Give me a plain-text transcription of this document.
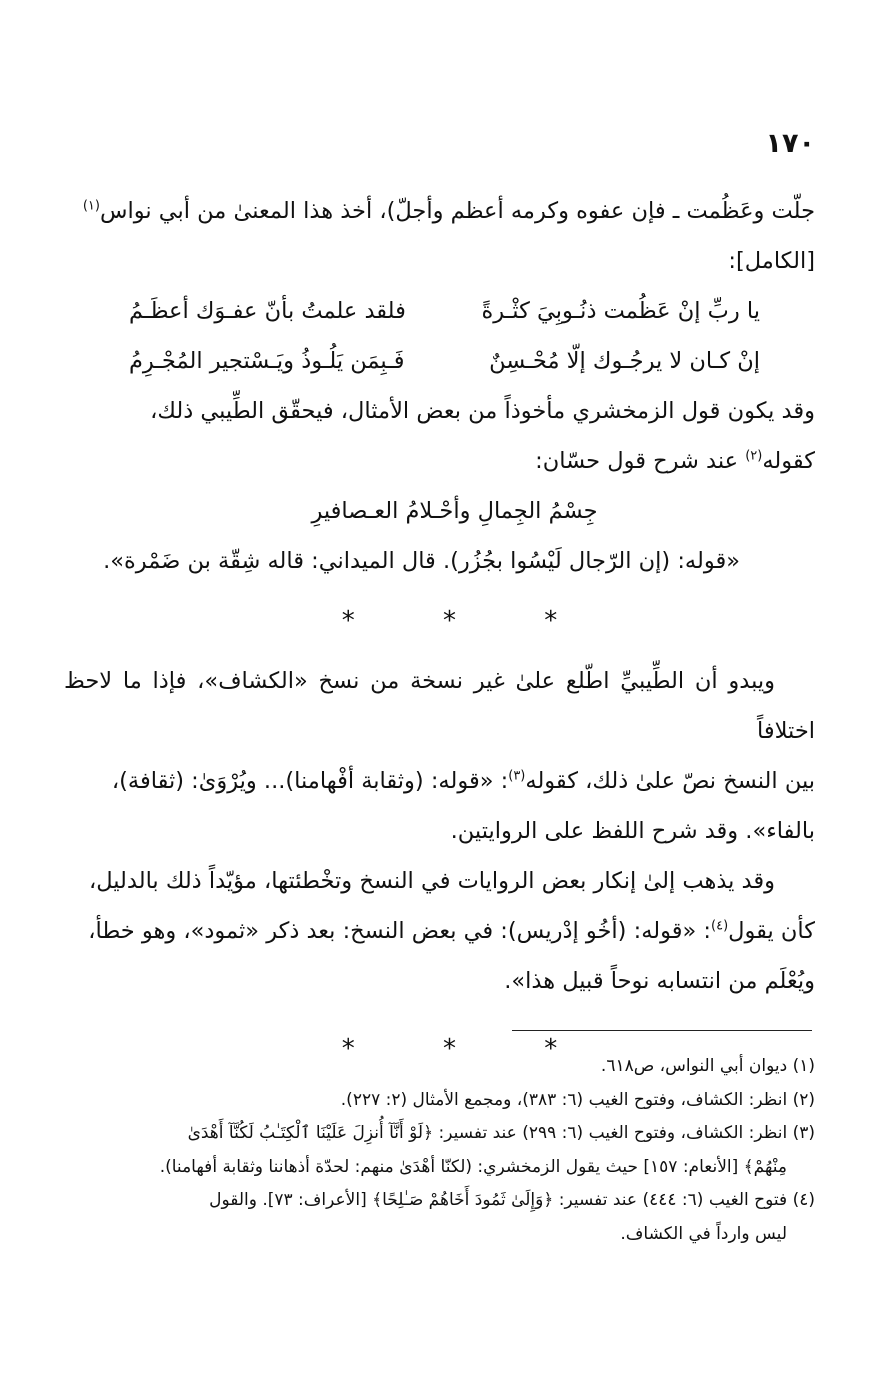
١٧٠

جلّت وعَظُمت ـ فإن عفوه وكرمه أعظم وأجلّ)، أخذ هذا المعنىٰ من أبي نواس$^{(١)}$

[الكامل]:

يا ربِّ إنْ عَظُمت ذنُـوبِيَ كثْـرةً
فلقد علمتُ بأنّ عفـوَك أعظَـمُ
إنْ كـان لا يرجُـوك إلّا مُحْـسِنٌ
فَـبِمَن يَلُـوذُ ويَـسْتجير المُجْـرِمُ

وقد يكون قول الزمخشري مأخوذاً من بعض الأمثال، فيحقّق الطِّيبي ذلك،

كقوله$^{(٢)}$ عند شرح قول حسّان:

جِسْمُ الجِمالِ وأحْـلامُ العـصافيرِ

«قوله: (إن الرّجال لَيْسُوا بجُزُر). قال الميداني: قاله شِقّة بن ضَمْرة».

* * *

ويبدو أن الطِّيبيِّ اطّلع علىٰ غير نسخة من نسخ «الكشاف»، فإذا ما لاحظ اختلافاً

بين النسخ نصّ علىٰ ذلك، كقوله$^{(٣)}$: «قوله: (وثقابة أفْهامنا)... ويُرْوَىٰ: (ثقافة)،

بالفاء». وقد شرح اللفظ على الروايتين.

وقد يذهب إلىٰ إنكار بعض الروايات في النسخ وتخْطئتها، مؤيّداً ذلك بالدليل،

كأن يقول$^{(٤)}$: «قوله: (أخُو إدْريس): في بعض النسخ: بعد ذكر «ثمود»، وهو خطأ،

ويُعْلَم من انتسابه نوحاً قبيل هذا».

* * *

(١) ديوان أبي النواس، ص٦١٨.

(٢) انظر: الكشاف، وفتوح الغيب (٦: ٣٨٣)، ومجمع الأمثال (٢: ٢٢٧).

(٣) انظر: الكشاف، وفتوح الغيب (٦: ٢٩٩) عند تفسير: ﴿لَوْ أَنَّآ أُنزِلَ عَلَيْنَا ٱلْكِتَـٰبُ لَكُنَّآ أَهْدَىٰ

مِنْهُمْ﴾ [الأنعام: ١٥٧] حيث يقول الزمخشري: (لكنّا أهْدَىٰ منهم: لحدّة أذهاننا وثقابة أفهامنا).

(٤) فتوح الغيب (٦: ٤٤٤) عند تفسير: ﴿وَإِلَىٰ ثَمُودَ أَخَاهُمْ صَـٰلِحًا﴾ [الأعراف: ٧٣]. والقول

ليس وارداً في الكشاف.
